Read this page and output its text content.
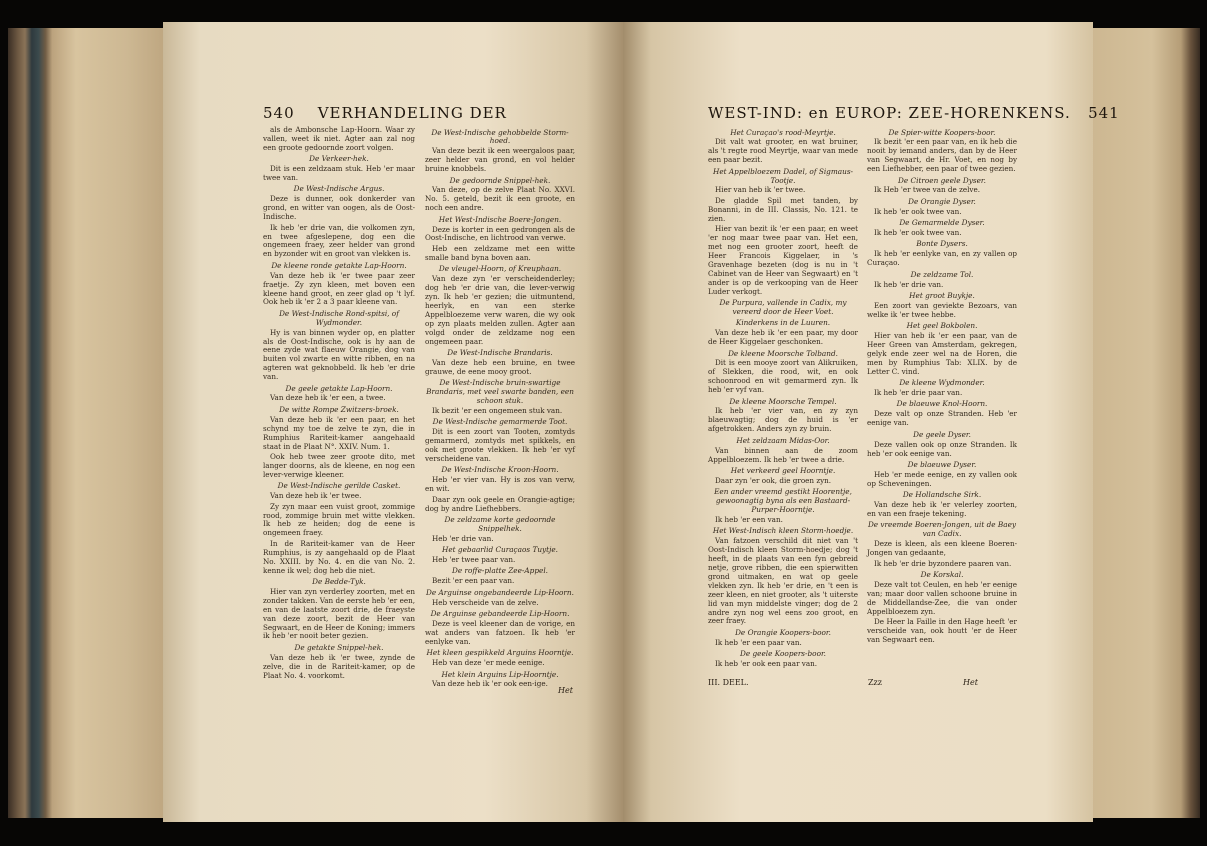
540 VERHANDELING DER

als de Ambonsche Lap-Hoorn. Waar zy vallen, weet ik niet. Agter aan zal nog een groote gedoornde zoort volgen.

De Verkeer-hek.

Dit is een zeldzaam stuk. Heb 'er maar twee van.

De West-Indische Argus.

Deze is dunner, ook donkerder van grond, en witter van oogen, als de Oost-Indische.

Ik heb 'er drie van, die volkomen zyn, en twee afgeslepene, dog een die ongemeen fraey, zeer helder van grond en byzonder wit en groot van vlekken is.

De kleene ronde getakte Lap-Hoorn.

Van deze heb ik 'er twee paar zeer fraetje. Zy zyn kleen, met boven een kleene hand groot, en zeer glad op 't lyf. Ook heb ik 'er 2 a 3 paar kleene van.

De West-Indische Rond-spitsi, of Wydmonder.

Hy is van binnen wyder op, en platter als de Oost-Indische, ook is hy aan de eene zyde wat flaeuw Orangie, dog van buiten vol zwarte en witte ribben, en na agteren wat geknobbeld. Ik heb 'er drie van.

De geele getakte Lap-Hoorn.

Van deze heb ik 'er een, a twee.

De witte Rompe Zwitzers-broek.

Van deze heb ik 'er een paar, en het schynd my toe de zelve te zyn, die in Rumphius Rariteit-kamer aangehaald staat in de Plaat N°. XXIV. Num. 1.

Ook heb twee zeer groote dito, met langer doorns, als de kleene, en nog een lever-verwige kleener.

De West-Indische gerilde Casket.

Van deze heb ik 'er twee.

Zy zyn maar een vuist groot, zommige rood, zommige bruin met witte vlekken. Ik heb ze heiden; dog de eene is ongemeen fraey.

In de Rariteit-kamer van de Heer Rumphius, is zy aangehaald op de Plaat No. XXIII. by No. 4. en die van No. 2. kenne ik wel; dog heb die niet.

De Bedde-Tyk.

Hier van zyn verderley zoorten, met en zonder takken. Van de eerste heb 'er een, en van de laatste zoort drie, de fraeyste van deze zoort, bezit de Heer van Segwaart, en de Heer de Koning; immers ik heb 'er nooit beter gezien.

De getakte Snippel-hek.

Van deze heb ik 'er twee, zynde de zelve, die in de Rariteit-kamer, op de Plaat No. 4. voorkomt.

De West-Indische gehobbelde Storm-hoed.

Van deze bezit ik een weergaloos paar, zeer helder van grond, en vol helder bruine knobbels.

De gedoornde Snippel-hek.

Van deze, op de zelve Plaat No. XXVI. No. 5. geteld, bezit ik een groote, en noch een andre.

Het West-Indische Boere-Jongen.

Deze is korter in een gedrongen als de Oost-Indische, en lichtrood van verwe.

Heb een zeldzame met een witte smalle band byna boven aan.

De vleugel-Hoorn, of Kreuphaan.

Van deze zyn 'er verscheidenderley; dog heb 'er drie van, die lever-verwig zyn. Ik heb 'er gezien; die uitmuntend, heerlyk, en van een sterke Appelbloezeme verw waren, die wy ook op zyn plaats melden zullen. Agter aan volgd onder de zeldzame nog een ongemeen paar.

De West-Indische Brandaris.

Van deze heb een bruine, en twee grauwe, de eene mooy groot.

De West-Indische bruin-swartige Brandaris, met veel swarte banden, een schoon stuk.

Ik bezit 'er een ongemeen stuk van.

De West-Indische gemarmerde Toot.

Dit is een zoort van Tooten, zomtyds gemarmerd, zomtyds met spikkels, en ook met groote vlekken. Ik heb 'er vyf verscheidene van.

De West-Indische Kroon-Hoorn.

Heb 'er vier van. Hy is zos van verw, en wit.

Daar zyn ook geele en Orangie-agtige; dog by andre Liefhebbers.

De zeldzame korte gedoornde Snippelhek.

Heb 'er drie van.

Het gebaarlid Curaçaos Tuytje.

Heb 'er twee paar van.

De roffe-platte Zee-Appel.

Bezit 'er een paar van.

De Arguinse ongebandeerde Lip-Hoorn.

Heb verscheide van de zelve.

De Arguinse gebandeerde Lip-Hoorn.

Deze is veel kleener dan de vorige, en wat anders van fatzoen. Ik heb 'er eenlyke van.

Het kleen gespikkeld Arguins Hoorntje.

Heb van deze 'er mede eenige.

Het klein Arguins Lip-Hoorntje.

Van deze heb ik 'er ook een-ige.

Het
WEST-IND: en EUROP: ZEE-HORENKENS. 541
Het Curaçao's rood-Meyrtje.

Dit valt wat grooter, en wat bruiner, als 't regte rood Meyrtje, waar van mede een paar bezit.

Het Appelbloezem Dadel, of Sigmaus-Tootje.

Hier van heb ik 'er twee.

De gladde Spil met tanden, by Bonanni, in de III. Classis, No. 121. te zien.

Hier van bezit ik 'er een paar, en weet 'er nog maar twee paar van. Het een, met nog een grooter zoort, heeft de Heer Francois Kiggelaer, in 's Gravenhage bezeten (dog is nu in 't Cabinet van de Heer van Segwaart) en 't ander is op de verkooping van de Heer Luder verkogt.

De Purpura, vallende in Cadix, my vereerd door de Heer Voet.
Kinderkens in de Luuren.

Van deze heb ik 'er een paar, my door de Heer Kiggelaer geschonken.

De kleene Moorsche Tolband.

Dit is een mooye zoort van Alikruiken, of Slekken, die rood, wit, en ook schoonrood en wit gemarmerd zyn. Ik heb 'er vyf van.

De kleene Moorsche Tempel.

Ik heb 'er vier van, en zy zyn blaeuwagtig; dog de huid is 'er afgetrokken. Anders zyn zy bruin.

Het zeldzaam Midas-Oor.

Van binnen aan de zoom Appelbloezem. Ik heb 'er twee a drie.

Het verkeerd geel Hoorntje.

Daar zyn 'er ook, die groen zyn.

Een ander vreemd gestikt Hoorentje, gewoonagtig byna als een Bastaard-Purper-Hoorntje.

Ik heb 'er een van.

Het West-Indisch kleen Storm-hoedje.

Van fatzoen verschild dit niet van 't Oost-Indisch kleen Storm-hoedje; dog 't heeft, in de plaats van een fyn gebreid netje, grove ribben, die een spierwitten grond uitmaken, en wat op geele vlekken zyn. Ik heb 'er drie, en 't een is zeer kleen, en niet grooter, als 't uiterste lid van myn middelste vinger; dog de 2 andre zyn nog wel eens zoo groot, en zeer fraey.

De Orangie Koopers-boor.

Ik heb 'er een paar van.

De geele Koopers-boor.

Ik heb 'er ook een paar van.

De Spier-witte Koopers-boor.

Ik bezit 'er een paar van, en ik heb die nooit by iemand anders, dan by de Heer van Segwaart, de Hr. Voet, en nog by een Liefhebber, een paar of twee gezien.

De Citroen geele Dyser.

Ik Heb 'er twee van de zelve.

De Orangie Dyser.

Ik heb 'er ook twee van.

De Gemarmelde Dyser.

Ik heb 'er ook twee van.

Bonte Dysers.

Ik heb 'er eenlyke van, en zy vallen op Curaçao.

De zeldzame Tol.

Ik heb 'er drie van.

Het groot Buykje.

Een zoort van geviekte Bezoars, van welke ik 'er twee hebbe.

Het geel Bokbolen.

Hier van heb ik 'er een paar, van de Heer Green van Amsterdam, gekregen, gelyk ende zeer wel na de Horen, die men by Rumphius Tab: XLIX. by de Letter C. vind.

De kleene Wydmonder.

Ik heb 'er drie paar van.

De blaeuwe Knol-Hoorn.

Deze valt op onze Stranden. Heb 'er eenige van.

De geele Dyser.

Deze vallen ook op onze Stranden. Ik heb 'er ook eenige van.

De blaeuwe Dyser.

Heb 'er mede eenige, en zy vallen ook op Scheveningen.

De Hollandsche Sirk.

Van deze heb ik 'er velerley zoorten, en van een fraeje tekening.

De vreemde Boeren-Jongen, uit de Baey van Cadix.

Deze is kleen, als een kleene Boeren-Jongen van gedaante,

Ik heb 'er drie byzondere paaren van.

De Korskal.

Deze valt tot Ceulen, en heb 'er eenige van; maar door vallen schoone bruine in de Middellandse-Zee, die van onder Appelbloezem zyn.

De Heer la Faille in den Hage heeft 'er verscheide van, ook houtt 'er de Heer van Segwaart een.

III. DEEL.	Zzz	Het
